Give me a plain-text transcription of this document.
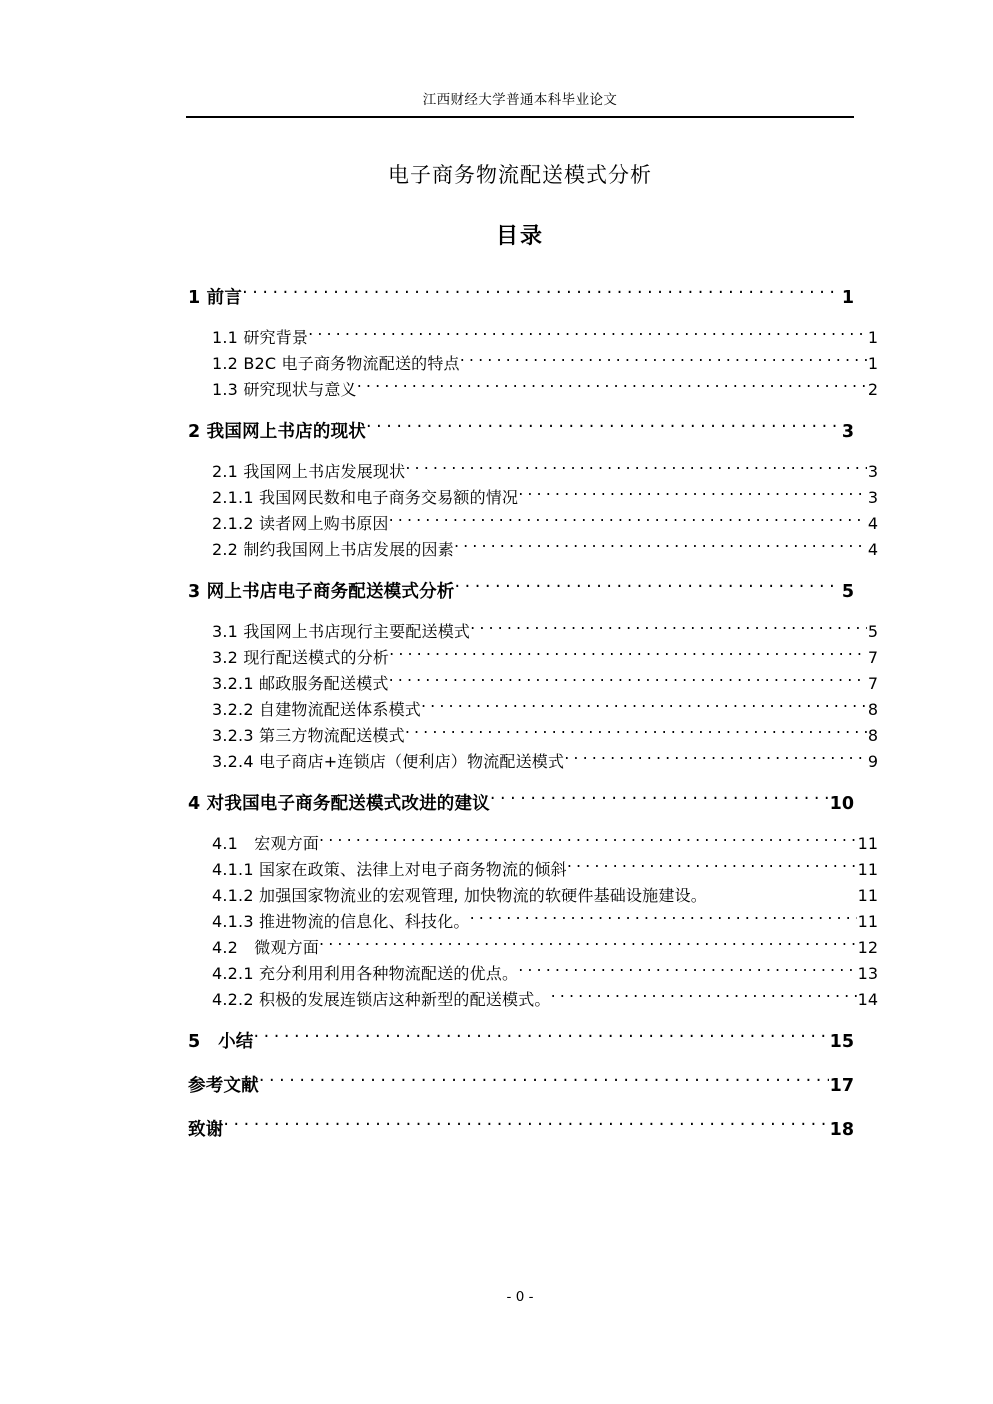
江西财经大学普通本科毕业论文
电子商务物流配送模式分析
目录
1 前言 . . .	1
1.1 研究背景 . . .	1
1.2 B2C 电子商务物流配送的特点 . . .	1
1.3 研究现状与意义 . . .	2
2 我国网上书店的现状 . . .	3
2.1 我国网上书店发展现状 . . .	3
2.1.1 我国网民数和电子商务交易额的情况 . . .	3
2.1.2 读者网上购书原因 . . .	4
2.2 制约我国网上书店发展的因素 . . .	4
3 网上书店电子商务配送模式分析 . . .	5
3.1 我国网上书店现行主要配送模式 . . .	5
3.2 现行配送模式的分析 . . .	7
3.2.1 邮政服务配送模式 . . .	7
3.2.2 自建物流配送体系模式 . . .	8
3.2.3 第三方物流配送模式 . . .	8
3.2.4 电子商店+连锁店（便利店）物流配送模式 . . .	9
4 对我国电子商务配送模式改进的建议 . . .	10
4.1　宏观方面 . . .	11
4.1.1 国家在政策、法律上对电子商务物流的倾斜 . . .	11
4.1.2 加强国家物流业的宏观管理, 加快物流的软硬件基础设施建设。	11
4.1.3 推进物流的信息化、科技化。 . . .	11
4.2　微观方面 . . .	12
4.2.1 充分利用利用各种物流配送的优点。 . . .	13
4.2.2 积极的发展连锁店这种新型的配送模式。 . . .	14
5　小结 . . .	15
参考文献 . . .	17
致谢 . . .	18
- 0 -
